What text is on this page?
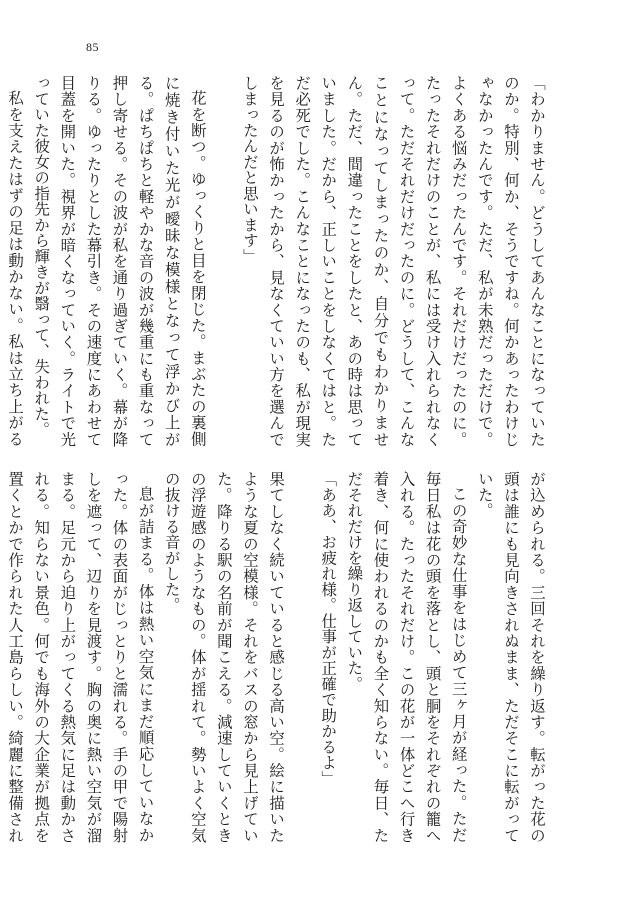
85

「わかりません。どうしてあんなことになっていたのか。特別、何か、そうですね。何かあったわけじゃなかったんです。ただ、私が未熟だっただけで。よくある悩みだったんです。それだけだったのに。たったそれだけのことが、私には受け入れられなくって。ただそれだけだったのに。どうして、こんなことになってしまったのか、自分でもわかりません。ただ、間違ったことをしたと、あの時は思っていました。だから、正しいことをしなくてはと。ただ必死でした。こんなことになったのも、私が現実を見るのが怖かったから、見なくていい方を選んでしまったんだと思います」

花を断つ。ゆっくりと目を閉じた。まぶたの裏側に焼き付いた光が曖昧な模様となって浮かび上がる。ぱちぱちと軽やかな音の波が幾重にも重なって押し寄せる。その波が私を通り過ぎていく。幕が降りる。ゆったりとした幕引き。その速度にあわせて目蓋を開いた。視界が暗くなっていく。ライトで光っていた彼女の指先から輝きが翳って、失われた。

私を支えたはずの足は動かない。私は立ち上がる

が込められる。三回それを繰り返す。転がった花の頭は誰にも見向きされぬまま、ただそこに転がっていた。

この奇妙な仕事をはじめて三ヶ月が経った。ただ毎日私は花の頭を落とし、頭と胴をそれぞれの籠へ入れる。たったそれだけ。この花が一体どこへ行き着き、何に使われるのかも全く知らない。毎日、ただそれだけを繰り返していた。

「ああ、お疲れ様。仕事が正確で助かるよ」

果てしなく続いていると感じる高い空。絵に描いたような夏の空模様。それをバスの窓から見上げていた。降りる駅の名前が聞こえる。減速していくときの浮遊感のようなもの。体が揺れて。勢いよく空気の抜ける音がした。

息が詰まる。体は熱い空気にまだ順応していなかった。体の表面がじっとりと濡れる。手の甲で陽射しを遮って、辺りを見渡す。胸の奥に熱い空気が溜まる。足元から迫り上がってくる熱気に足は動かされる。知らない景色。何でも海外の大企業が拠点を置くとかで作られた人工島らしい。綺麗に整備され
